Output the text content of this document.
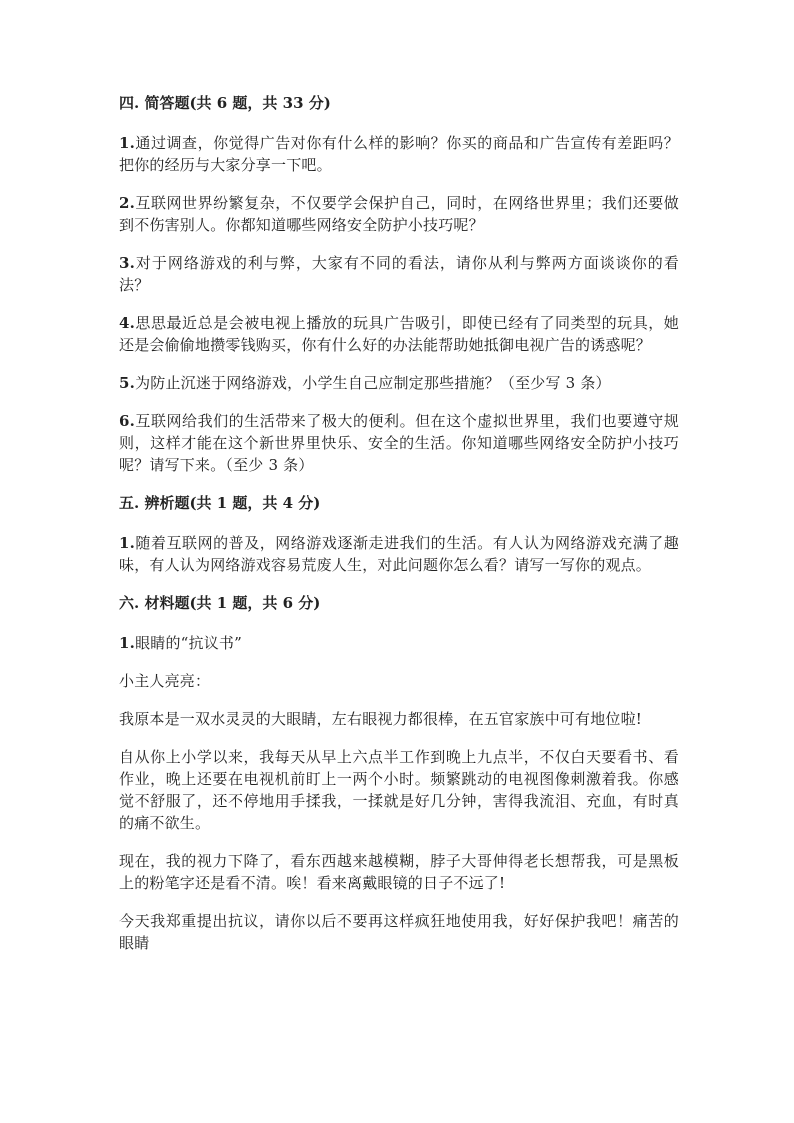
四. 简答题(共 6 题，共 33 分)
1.通过调查，你觉得广告对你有什么样的影响？你买的商品和广告宣传有差距吗？把你的经历与大家分享一下吧。
2.互联网世界纷繁复杂，不仅要学会保护自己，同时，在网络世界里；我们还要做到不伤害别人。你都知道哪些网络安全防护小技巧呢？
3.对于网络游戏的利与弊，大家有不同的看法，请你从利与弊两方面谈谈你的看法？
4.思思最近总是会被电视上播放的玩具广告吸引，即使已经有了同类型的玩具，她还是会偷偷地攒零钱购买，你有什么好的办法能帮助她抵御电视广告的诱惑呢？
5.为防止沉迷于网络游戏，小学生自己应制定那些措施？（至少写 3 条）
6.互联网给我们的生活带来了极大的便利。但在这个虚拟世界里，我们也要遵守规则，这样才能在这个新世界里快乐、安全的生活。你知道哪些网络安全防护小技巧呢？请写下来。（至少 3 条）
五. 辨析题(共 1 题，共 4 分)
1.随着互联网的普及，网络游戏逐渐走进我们的生活。有人认为网络游戏充满了趣味，有人认为网络游戏容易荒废人生，对此问题你怎么看？请写一写你的观点。
六. 材料题(共 1 题，共 6 分)
1.眼睛的“抗议书”
小主人亮亮：
我原本是一双水灵灵的大眼睛，左右眼视力都很棒，在五官家族中可有地位啦!
自从你上小学以来，我每天从早上六点半工作到晚上九点半，不仅白天要看书、看作业，晚上还要在电视机前盯上一两个小时。频繁跳动的电视图像刺激着我。你感觉不舒服了，还不停地用手揉我，一揉就是好几分钟，害得我流泪、充血，有时真的痛不欲生。
现在，我的视力下降了，看东西越来越模糊，脖子大哥伸得老长想帮我，可是黑板上的粉笔字还是看不清。唉！看来离戴眼镜的日子不远了!
今天我郑重提出抗议，请你以后不要再这样疯狂地使用我，好好保护我吧！痛苦的眼睛
